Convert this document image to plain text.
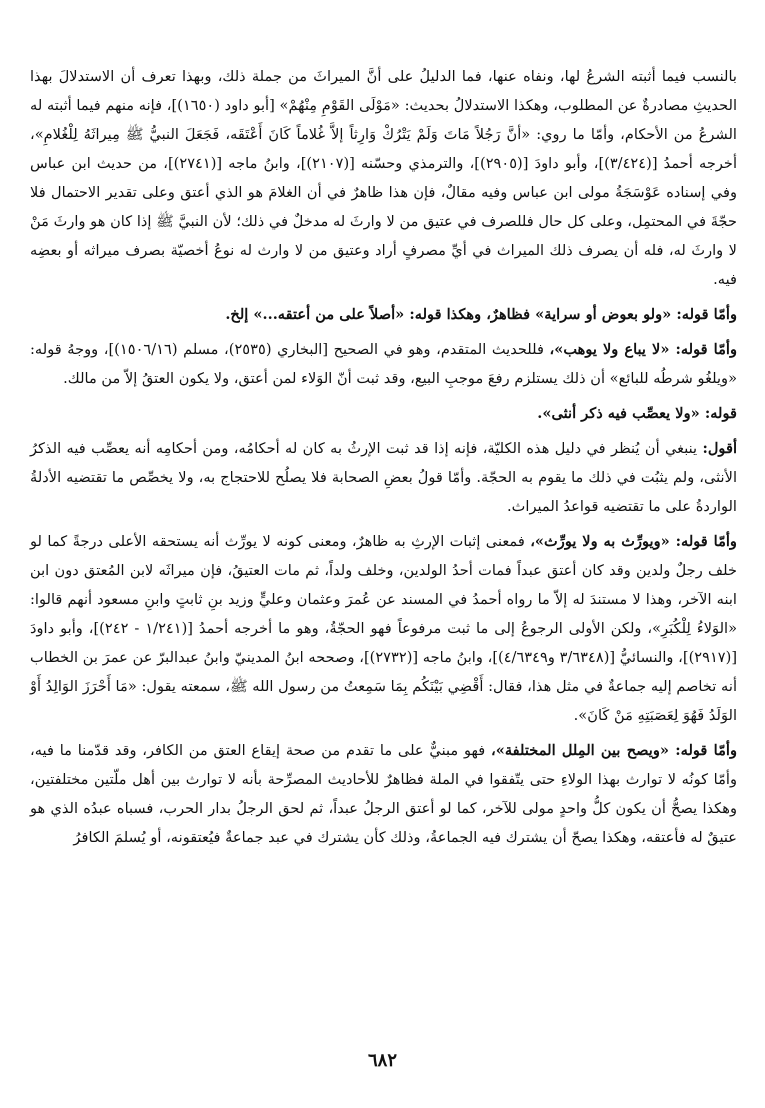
بالنسب فيما أثبته الشرعُ لها، ونفاه عنها، فما الدليلُ على أنَّ الميراثَ من جملة ذلك، وبهذا تعرف أن الاستدلالَ بهذا الحديثِ مصادرةٌ عن المطلوب، وهكذا الاستدلالُ بحديث: «مَوْلَى القَوْمِ مِنْهُمْ» [أبو داود (١٦٥٠)]، فإنه منهم فيما أثبته له الشرعُ من الأحكام، وأمّا ما روي: «أنَّ رَجُلاً مَاتَ وَلَمْ يَتْرُكْ وَارِثاً إلاَّ غُلاماً كَانَ أَعْتَقَه، فَجَعَلَ النبيُّ ﷺ مِيراثَهُ لِلْغُلامِ»، أخرجه أحمدُ [(٣/٤٢٤)]، وأبو داودَ [(٢٩٠٥)]، والترمذي وحسّنه [(٢١٠٧)]، وابنُ ماجه [(٢٧٤١)]، من حديث ابن عباس وفي إسناده عَوْسَجَةُ مولى ابن عباس وفيه مقالٌ، فإن هذا ظاهرٌ في أن الغلامَ هو الذي أعتق وعلى تقدير الاحتمال فلا حجّةَ في المحتمِل، وعلى كل حال فللصرف في عتيق من لا وارثَ له مدخلٌ في ذلك؛ لأن النبيَّ ﷺ إذا كان هو وارثَ مَنْ لا وارثَ له، فله أن يصرف ذلك الميراث في أيِّ مصرفٍ أراد وعتيق من لا وارث له نوعُ أخصيّة بصرف ميراثه أو بعضِه فيه.

وأمّا قوله: «ولو بعوض أو سراية» فظاهرٌ، وهكذا قوله: «أصلاً على من أعتقه...» إلخ.

وأمّا قوله: «لا يباع ولا يوهب»، فللحديث المتقدم، وهو في الصحيح [البخاري (٢٥٣٥)، مسلم (١٥٠٦/١٦)]، ووجهُ قوله: «ويلغُو شرطُه للبائع» أن ذلك يستلزم رفعَ موجبِ البيع، وقد ثبت أنّ الوَلاء لمن أعتق، ولا يكون العتقُ إلاّ من مالك.

قوله: «ولا يعصِّب فيه ذكر أنثى».

أقول: ينبغي أن يُنظر في دليل هذه الكليّة، فإنه إذا قد ثبت الإرثُ به كان له أحكامُه، ومن أحكامِه أنه يعصِّب فيه الذكرُ الأنثى، ولم يثبُت في ذلك ما يقوم به الحجّة. وأمّا قولُ بعضِ الصحابة فلا يصلُح للاحتجاج به، ولا يخصِّص ما تقتضيه الأدلةُ الواردةُ على ما تقتضيه قواعدُ الميراث.

وأمّا قوله: «ويورِّث به ولا يورِّث»، فمعنى إثبات الإرثِ به ظاهرٌ، ومعنى كونه لا يورِّث أنه يستحقه الأعلى درجةً كما لو خلف رجلٌ ولدين وقد كان أعتق عبداً فمات أحدُ الولدين، وخلف ولداً، ثم مات العتيقُ، فإن ميراثَه لابن المُعتق دون ابن ابنه الآخر، وهذا لا مستندَ له إلاّ ما رواه أحمدُ في المسند عن عُمرَ وعثمان وعليٍّ وزيد بنِ ثابتٍ وابنِ مسعود أنهم قالوا: «الوَلاءُ لِلْكُبَرِ»، ولكن الأولى الرجوعُ إلى ما ثبت مرفوعاً فهو الحجّةُ، وهو ما أخرجه أحمدُ [(١/٢٤١ - ٢٤٢)]، وأبو داودَ [(٢٩١٧)]، والنسائيُّ [(٣/٦٣٤٨ و٤/٦٣٤٩)]، وابنُ ماجه [(٢٧٣٢)]، وصححه ابنُ المدينيّ وابنُ عبدالبرّ عن عمرَ بن الخطاب أنه تخاصم إليه جماعةٌ في مثل هذا، فقال: أَقْضِي بَيْنَكُم بِمَا سَمِعتُ من رسول الله ﷺ، سمعته يقول: «مَا أَحْرَزَ الوَالِدُ أَوْ الوَلَدُ فَهُوَ لِعَصَبَتِهِ مَنْ كَانَ».

وأمّا قوله: «ويصح بين المِلل المختلفة»، فهو مبنيٌّ على ما تقدم من صحة إيقاع العتق من الكافر، وقد قدّمنا ما فيه، وأمّا كونُه لا توارث بهذا الولاءِ حتى يتّفقوا في الملة فظاهرٌ للأحاديث المصرِّحة بأنه لا توارث بين أهل ملّتين مختلفتين، وهكذا يصحُّ أن يكون كلُّ واحدٍ مولى للآخر، كما لو أعتق الرجلُ عبداً، ثم لحق الرجلُ بدار الحرب، فسباه عبدُه الذي هو عتيقٌ له فأعتقه، وهكذا يصحّ أن يشترك فيه الجماعةُ، وذلك كأن يشترك في عبد جماعةٌ فيُعتقونه، أو يُسلمَ الكافرُ

٦٨٢
